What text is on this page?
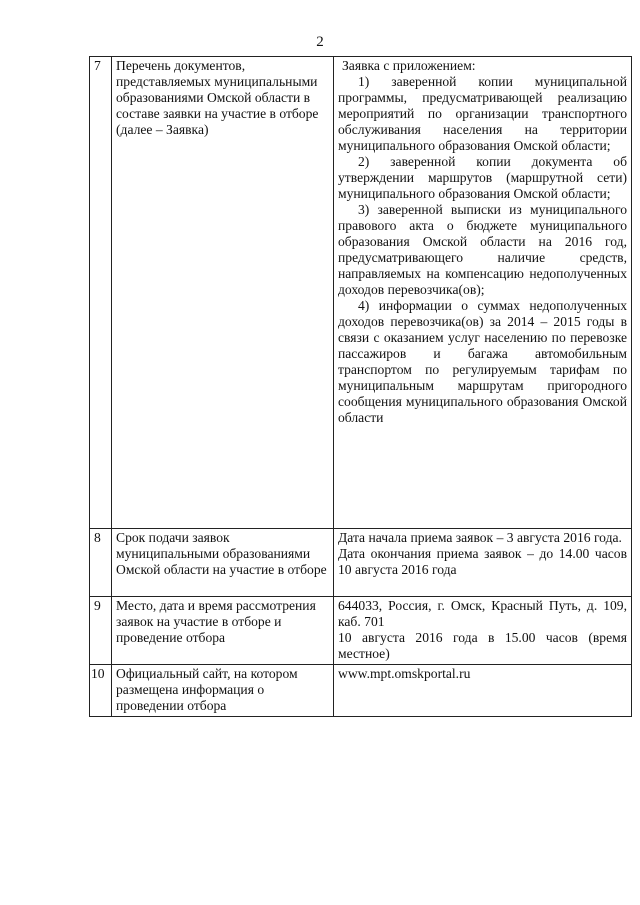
2
7	Перечень документов, представляемых муниципальными образованиями Омской области в составе заявки на участие в отборе (далее – Заявка)	Заявка с приложением:

1) заверенной копии муниципальной программы, предусматривающей реализацию мероприятий по организации транспортного обслуживания населения на территории муниципального образования Омской области;

2) заверенной копии документа об утверждении маршрутов (маршрутной сети) муниципального образования Омской области;

3) заверенной выписки из муниципального правового акта о бюджете муниципального образования Омской области на 2016 год, предусматривающего наличие средств, направляемых на компенсацию недополученных доходов перевозчика(ов);

4) информации о суммах недополученных доходов перевозчика(ов) за 2014 – 2015 годы в связи с оказанием услуг населению по перевозке пассажиров и багажа автомобильным транспортом по регулируемым тарифам по муниципальным маршрутам пригородного сообщения муниципального образования Омской области

8	Срок подачи заявок муниципальными образованиями Омской области на участие в отборе	Дата начала приема заявок – 3 августа 2016 года.

Дата окончания приема заявок – до 14.00 часов 10 августа 2016 года

9	Место, дата и время рассмотрения заявок на участие в отборе и проведение отбора	644033, Россия, г. Омск, Красный Путь, д. 109, каб. 701

10 августа 2016 года в 15.00 часов (время местное)

10	Официальный сайт, на котором размещена информация о проведении отбора	www.mpt.omskportal.ru
